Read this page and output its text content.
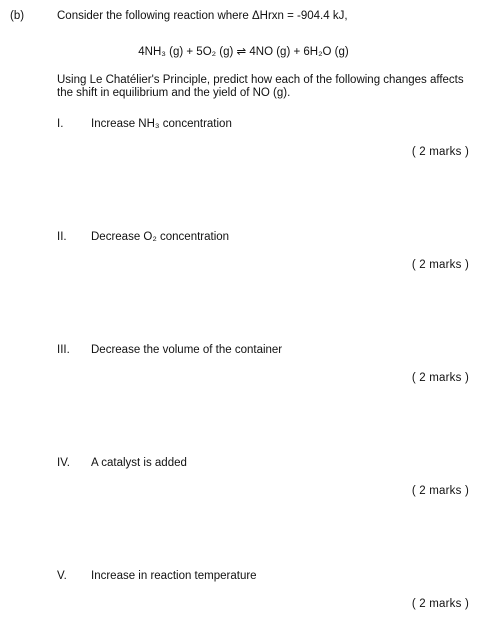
(b)	Consider the following reaction where ΔHrxn = -904.4 kJ,
4NH₃ (g) + 5O₂ (g) ⇌ 4NO (g) + 6H₂O (g)
Using Le Chatélier's Principle, predict how each of the following changes affects the shift in equilibrium and the yield of NO (g).
I. Increase NH₃ concentration
( 2 marks )
II. Decrease O₂ concentration
( 2 marks )
III. Decrease the volume of the container
( 2 marks )
IV. A catalyst is added
( 2 marks )
V. Increase in reaction temperature
( 2 marks )
